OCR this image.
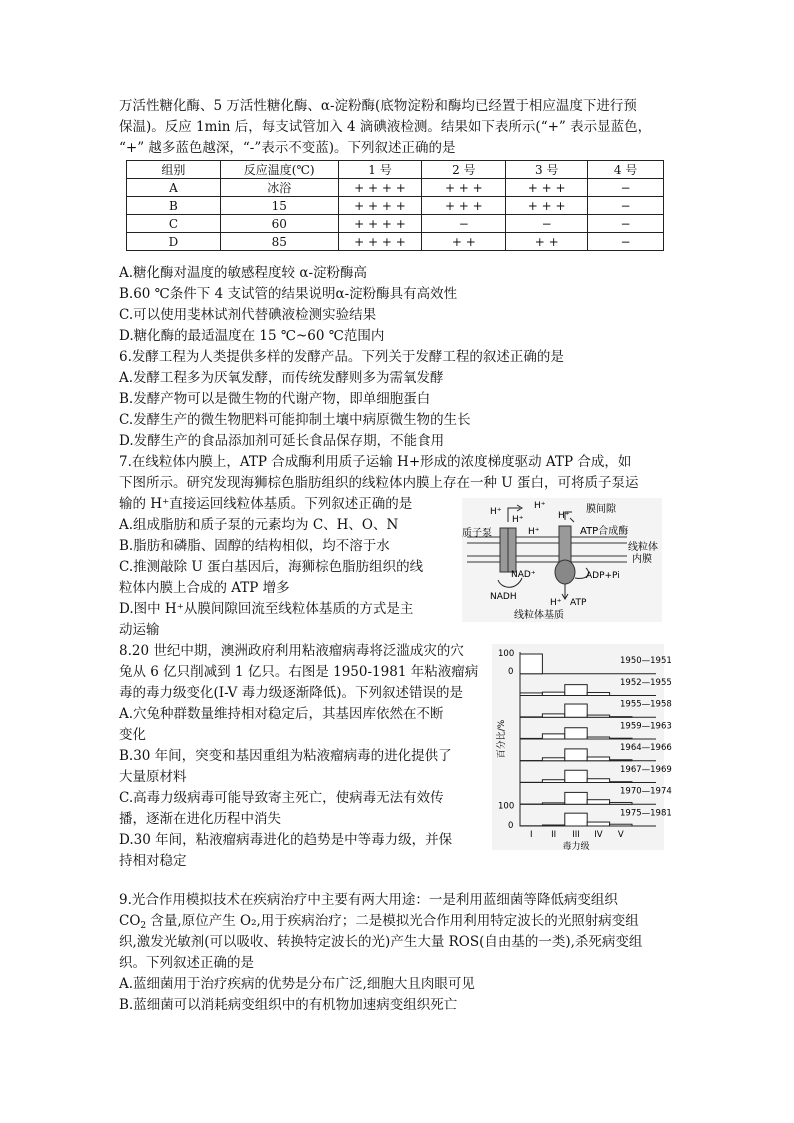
万活性糖化酶、5 万活性糖化酶、α-淀粉酶(底物淀粉和酶均已经置于相应温度下进行预
保温)。反应 1min 后，每支试管加入 4 滴碘液检测。结果如下表所示(“+” 表示显蓝色，
“+” 越多蓝色越深，“-”表示不变蓝)。下列叙述正确的是
组别	反应温度(℃)	1 号	2 号	3 号	4 号
A	冰浴	+ + + +	+ + +	+ + +	−
B	15	+ + + +	+ + +	+ + +	−
C	60	+ + + +	−	−	−
D	85	+ + + +	+ +	+ +	−
A.糖化酶对温度的敏感程度较 α-淀粉酶高
B.60 ℃条件下 4 支试管的结果说明α-淀粉酶具有高效性
C.可以使用斐林试剂代替碘液检测实验结果
D.糖化酶的最适温度在 15 ℃~60 ℃范围内
6.发酵工程为人类提供多样的发酵产品。下列关于发酵工程的叙述正确的是
A.发酵工程多为厌氧发酵，而传统发酵则多为需氧发酵
B.发酵产物可以是微生物的代谢产物，即单细胞蛋白
C.发酵生产的微生物肥料可能抑制土壤中病原微生物的生长
D.发酵生产的食品添加剂可延长食品保存期，不能食用
7.在线粒体内膜上，ATP 合成酶利用质子运输 H+形成的浓度梯度驱动 ATP 合成，如
下图所示。研究发现海狮棕色脂肪组织的线粒体内膜上存在一种 U 蛋白，可将质子泵运
输的 H⁺直接运回线粒体基质。下列叙述正确的是
A.组成脂肪和质子泵的元素均为 C、H、O、N
B.脂肪和磷脂、固醇的结构相似，均不溶于水
C.推测敲除 U 蛋白基因后，海狮棕色脂肪组织的线
粒体内膜上合成的 ATP 增多
D.图中 H⁺从膜间隙回流至线粒体基质的方式是主
动运输
H⁺
H⁺
H⁺
H⁺
H⁺
膜间隙
质子泵	ATP合成酶
线粒体
内膜
NAD⁺
NADH
ADP+Pi
H⁺ ATP
线粒体基质
8.20 世纪中期，澳洲政府利用粘液瘤病毒将泛滥成灾的穴
兔从 6 亿只削减到 1 亿只。右图是 1950-1981 年粘液瘤病
毒的毒力级变化(I-V 毒力级逐渐降低)。下列叙述错误的是
A.穴兔种群数量维持相对稳定后，其基因库依然在不断
变化
B.30 年间，突变和基因重组为粘液瘤病毒的进化提供了
大量原材料
C.高毒力级病毒可能导致寄主死亡，使病毒无法有效传
播，逐渐在进化历程中消失
D.30 年间，粘液瘤病毒进化的趋势是中等毒力级，并保
持相对稳定
1950—1951
1952—1955
1955—1958
1959—1963
1964—1966
1967—1969
1970—1974
1975—1981
100
0
100
0
I II III IV V
毒力级
百分比/%
9.光合作用模拟技术在疾病治疗中主要有两大用途：一是利用蓝细菌等降低病变组织
$CO_2$ 含量,原位产生 O₂,用于疾病治疗；二是模拟光合作用利用特定波长的光照射病变组
织,激发光敏剂(可以吸收、转换特定波长的光)产生大量 ROS(自由基的一类),杀死病变组
织。下列叙述正确的是
A.蓝细菌用于治疗疾病的优势是分布广泛,细胞大且肉眼可见
B.蓝细菌可以消耗病变组织中的有机物加速病变组织死亡
